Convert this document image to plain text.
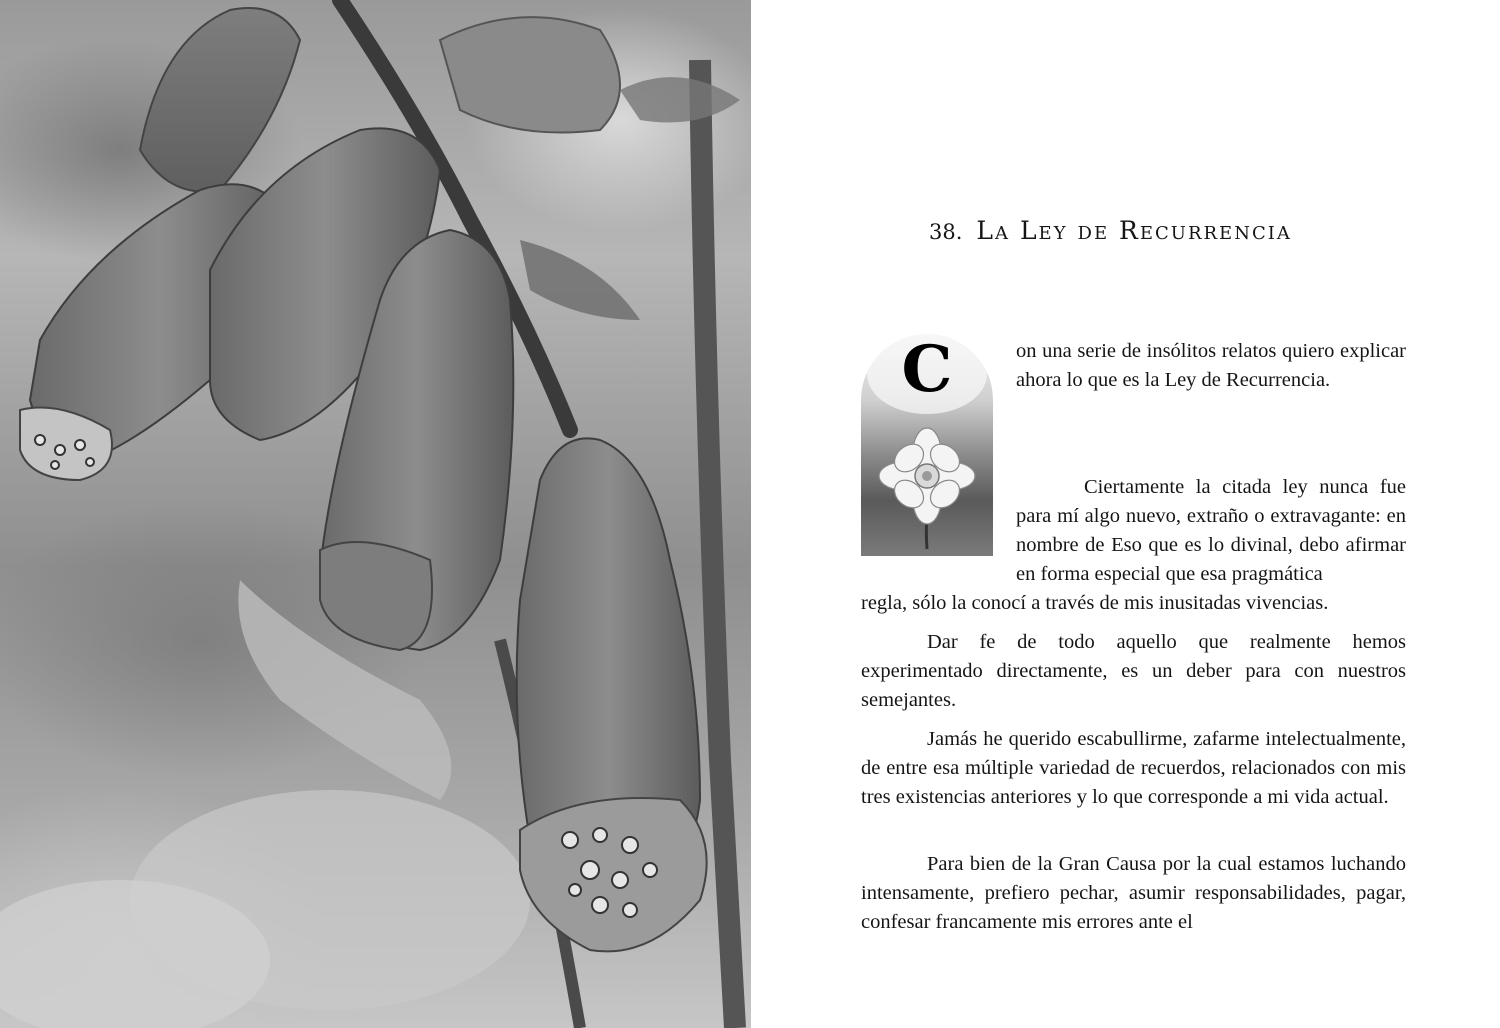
38. La Ley de Recurrencia
C	on una serie de insólitos relatos quiero explicar ahora lo que es la Ley de Recurrencia.

Ciertamente la citada ley nunca fue para mí algo nuevo, extraño o extravagante: en nombre de Eso que es lo divinal, debo afirmar en forma especial que esa pragmática

regla, sólo la conocí a través de mis inusitadas vivencias.

Dar fe de todo aquello que realmente hemos experimentado directamente, es un deber para con nuestros semejantes.

Jamás he querido escabullirme, zafarme intelectualmente, de entre esa múltiple variedad de recuerdos, relacionados con mis tres existencias anteriores y lo que corresponde a mi vida actual.

Para bien de la Gran Causa por la cual estamos luchando intensamente, prefiero pechar, asumir responsabilidades, pagar, confesar francamente mis errores ante el
